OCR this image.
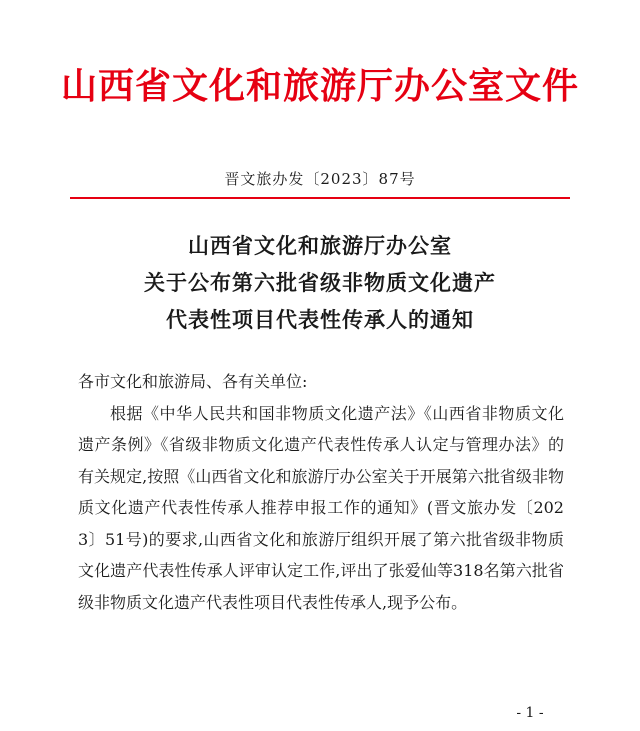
山西省文化和旅游厅办公室文件
晋文旅办发〔2023〕87号
山西省文化和旅游厅办公室
关于公布第六批省级非物质文化遗产
代表性项目代表性传承人的通知
各市文化和旅游局、各有关单位:
根据《中华人民共和国非物质文化遗产法》《山西省非物质文化遗产条例》《省级非物质文化遗产代表性传承人认定与管理办法》的有关规定,按照《山西省文化和旅游厅办公室关于开展第六批省级非物质文化遗产代表性传承人推荐申报工作的通知》(晋文旅办发〔2023〕51号)的要求,山西省文化和旅游厅组织开展了第六批省级非物质文化遗产代表性传承人评审认定工作,评出了张爱仙等318名第六批省级非物质文化遗产代表性项目代表性传承人,现予公布。
- 1 -
